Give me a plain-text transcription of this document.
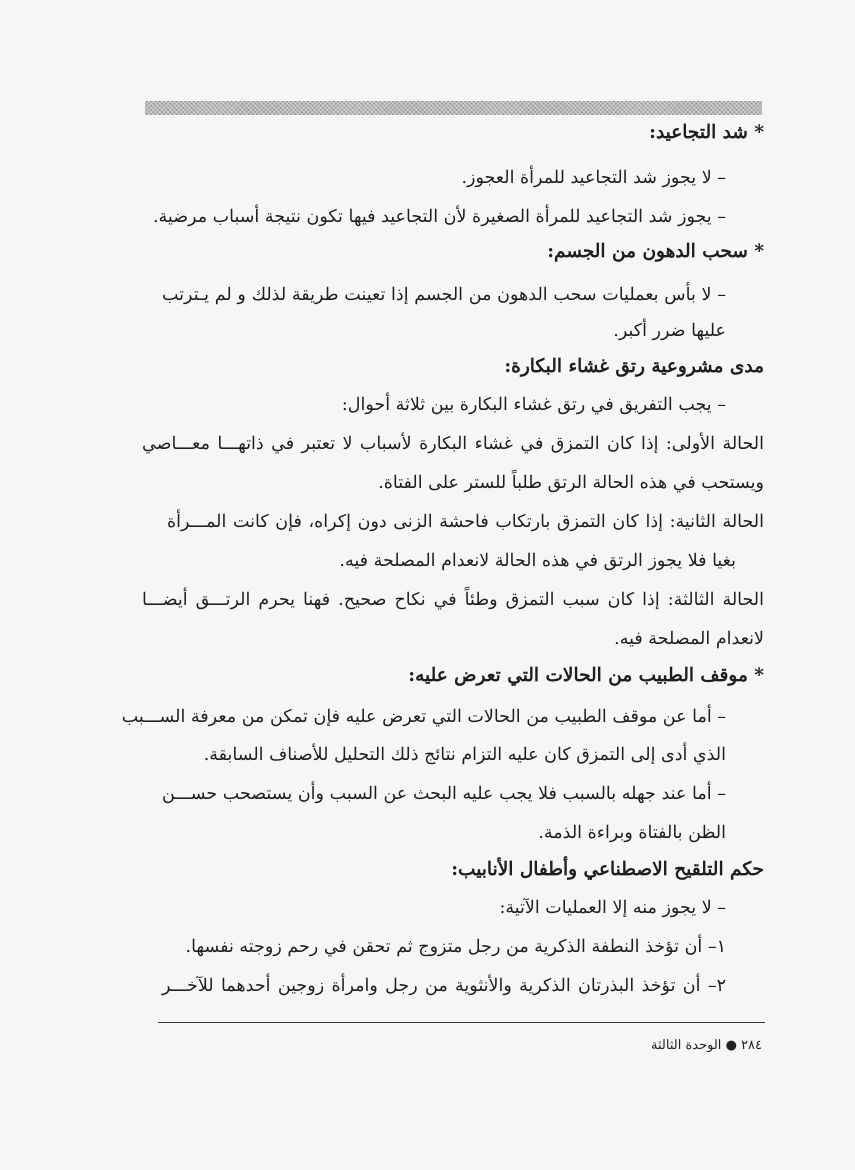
* شد التجاعيد:
– لا يجوز شد التجاعيد للمرأة العجوز.
– يجوز شد التجاعيد للمرأة الصغيرة لأن التجاعيد فيها تكون نتيجة أسباب مرضية.
* سحب الدهون من الجسم:
– لا بأس بعمليات سحب الدهون من الجسم إذا تعينت طريقة لذلك و لم يـترتب
عليها ضرر أكبر.
مدى مشروعية رتق غشاء البكارة:
– يجب التفريق في رتق غشاء البكارة بين ثلاثة أحوال:
الحالة الأولى: إذا كان التمزق في غشاء البكارة لأسباب لا تعتبر في ذاتهـــا معـــاصي
ويستحب في هذه الحالة الرتق طلباً للستر على الفتاة.
الحالة الثانية: إذا كان التمزق بارتكاب فاحشة الزنى دون إكراه، فإن كانت المـــرأة
بغيا فلا يجوز الرتق في هذه الحالة لانعدام المصلحة فيه.
الحالة الثالثة: إذا كان سبب التمزق وطئاً في نكاح صحيح. فهنا يحرم الرتـــق أيضـــا
لانعدام المصلحة فيه.
* موقف الطبيب من الحالات التي تعرض عليه:
– أما عن موقف الطبيب من الحالات التي تعرض عليه فإن تمكن من معرفة الســـبب
الذي أدى إلى التمزق كان عليه التزام نتائج ذلك التحليل للأصناف السابقة.
– أما عند جهله بالسبب فلا يجب عليه البحث عن السبب وأن يستصحب حســـن
الظن بالفتاة وبراءة الذمة.
حكم التلقيح الاصطناعي وأطفال الأنابيب:
– لا يجوز منه إلا العمليات الآتية:
١– أن تؤخذ النطفة الذكرية من رجل متزوج ثم تحقن في رحم زوجته نفسها.
٢– أن تؤخذ البذرتان الذكرية والأنثوية من رجل وامرأة زوجين أحدهما للآخـــر
٢٨٤ ● الوحدة الثالثة
